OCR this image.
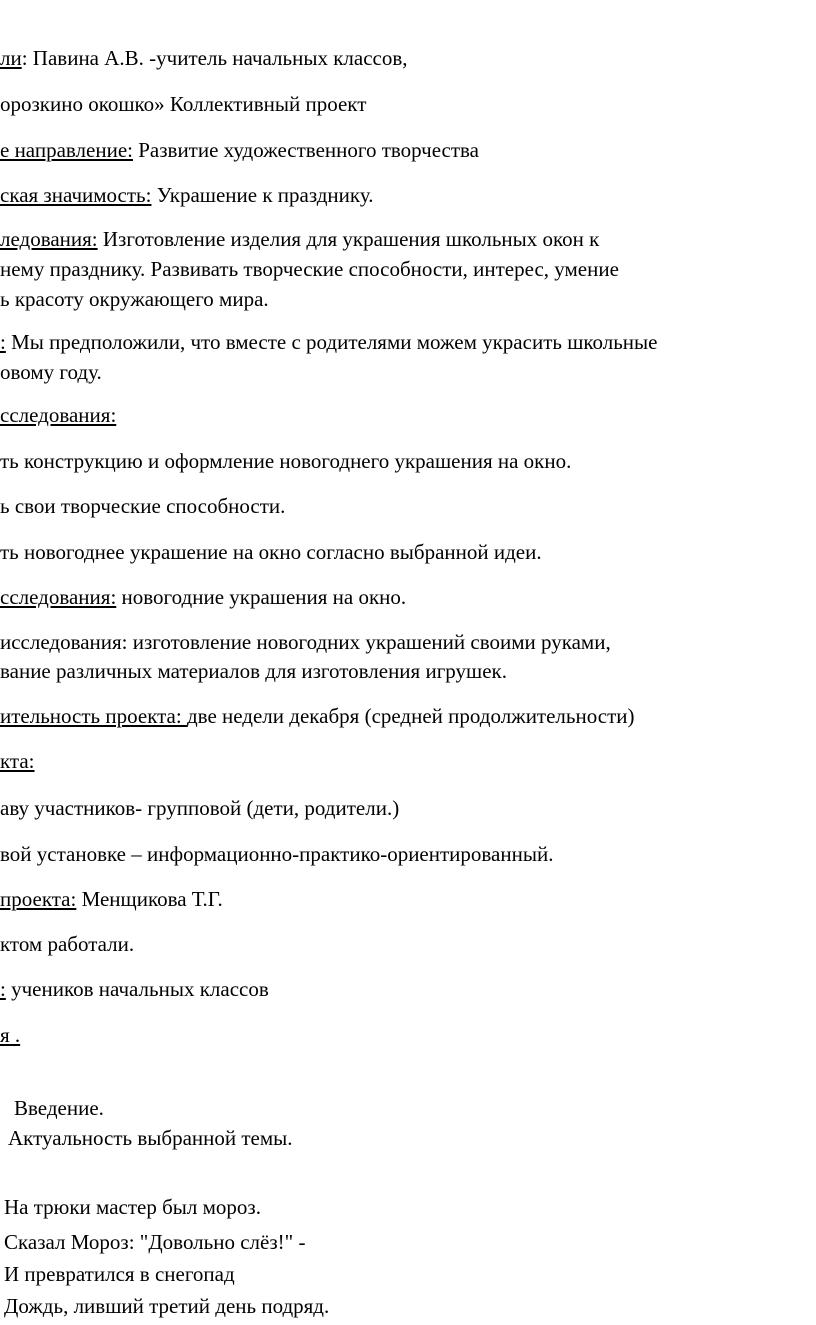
ли: Павина А.В. -учитель начальных классов,
орозкино окошко» Коллективный проект
е направление: Развитие художественного творчества
ская значимость: Украшение к празднику.
ледования: Изготовление изделия для украшения школьных окон к
нему празднику. Развивать творческие способности, интерес, умение
ь красоту окружающего мира.
: Мы предположили, что вместе с родителями можем украсить школьные
овому году.
сследования:
ть конструкцию и оформление новогоднего украшения на окно.
ь свои творческие способности.
ть новогоднее украшение на окно согласно выбранной идеи.
сследования: новогодние украшения на окно.
исследования: изготовление новогодних украшений своими руками,
вание различных материалов для изготовления игрушек.
ительность проекта: две недели декабря (средней продолжительности)
кта:
аву участников- групповой (дети, родители.)
вой установке – информационно-практико-ориентированный.
проекта: Менщикова Т.Г.
ктом работали.
: учеников начальных классов
я .
Введение.
Актуальность выбранной темы.
На трюки мастер был мороз.
Сказал Мороз: "Довольно слёз!" -
И превратился в снегопад
Дождь, ливший третий день подряд.
